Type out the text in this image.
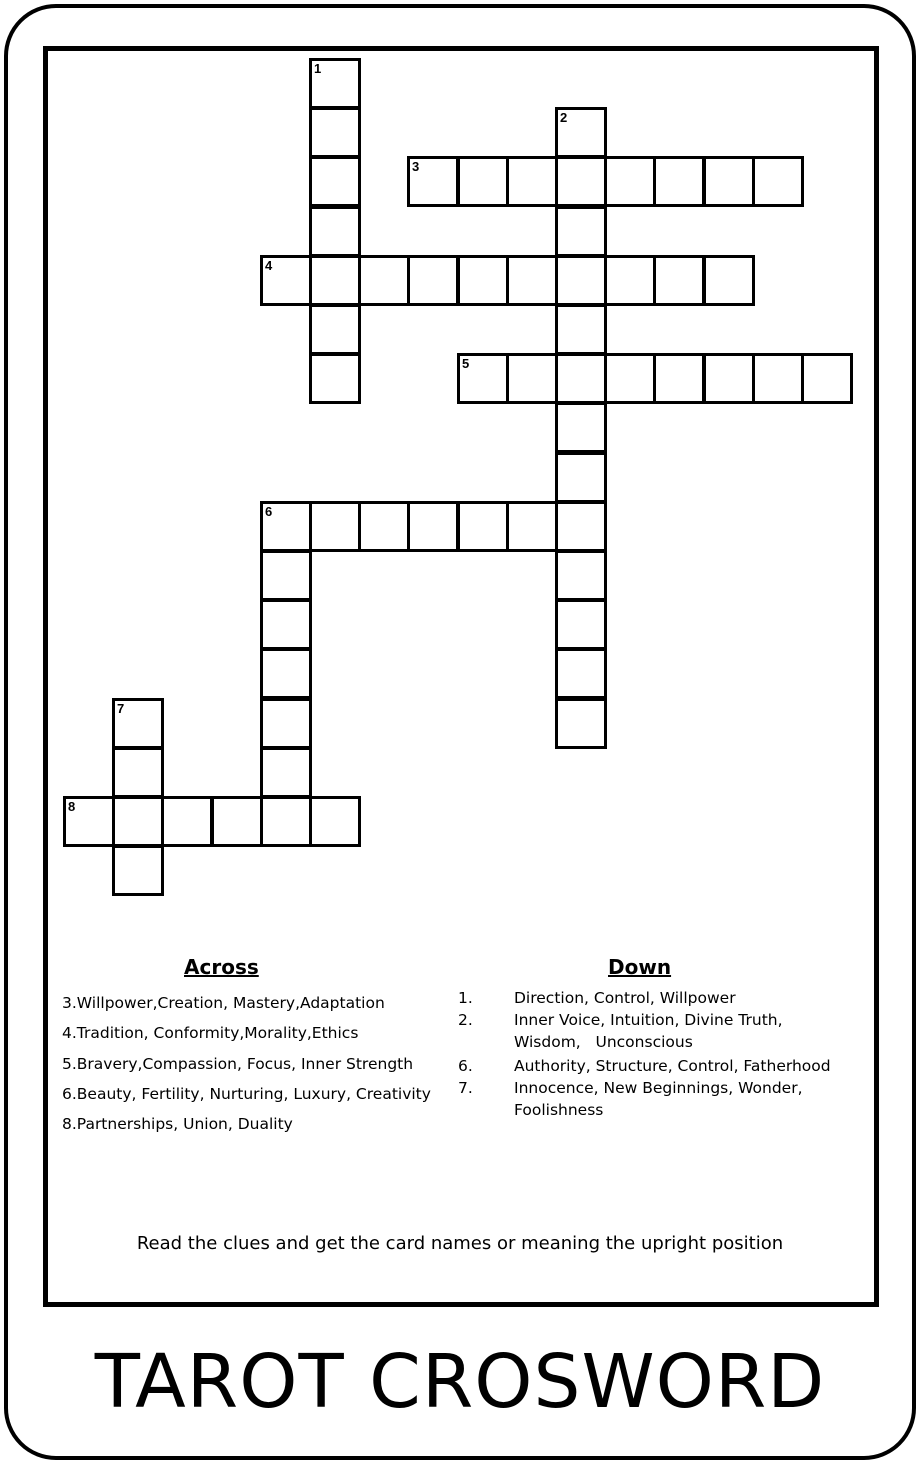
1
2
3
4
5
6
7
8
Across	Down
3.Willpower,Creation, Mastery,Adaptation
4.Tradition, Conformity,Morality,Ethics
5.Bravery,Compassion, Focus, Inner Strength
6.Beauty, Fertility, Nurturing, Luxury, Creativity
8.Partnerships, Union, Duality
1.	Direction, Control, Willpower
2.	Inner Voice, Intuition, Divine Truth,
Wisdom,   Unconscious
6.	Authority, Structure, Control, Fatherhood
7.	Innocence, New Beginnings, Wonder,
Foolishness
Read the clues and get the card names or meaning the upright position
TAROT CROSWORD
